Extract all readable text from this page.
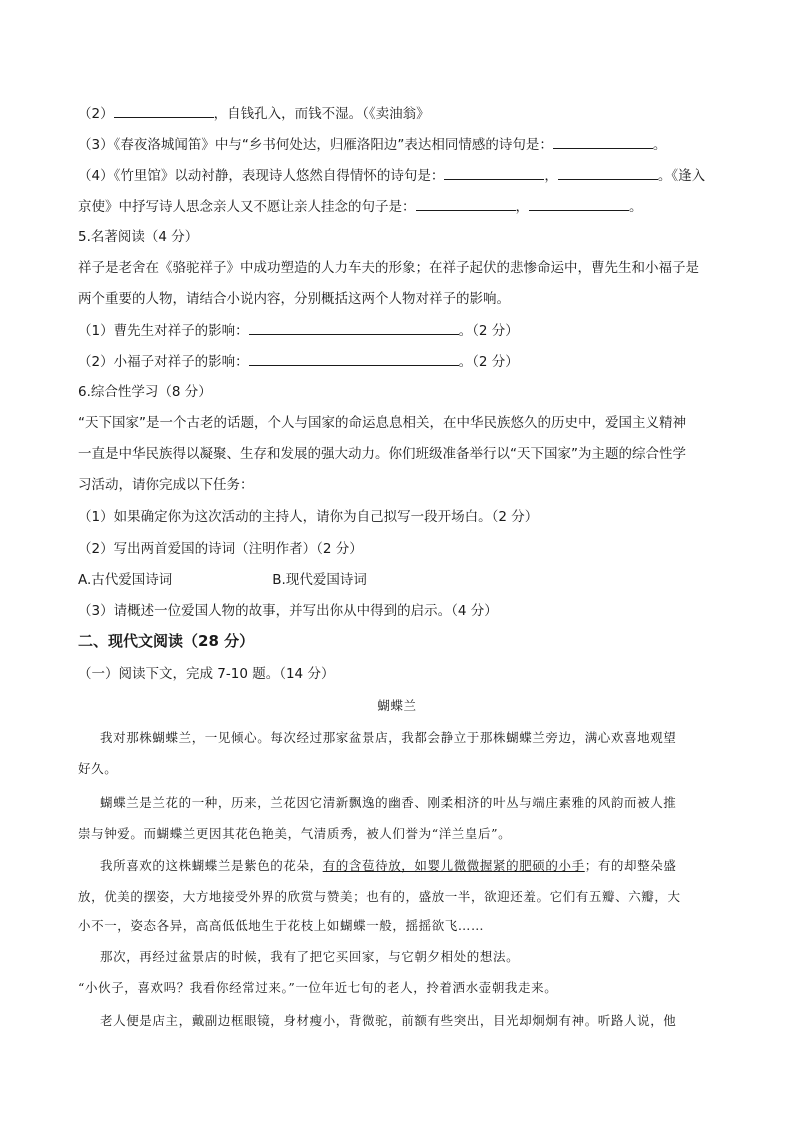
（2）	，自钱孔入，而钱不湿。（《卖油翁》
（3）《春夜洛城闻笛》中与“乡书何处达，归雁洛阳边”表达相同情感的诗句是：	。
（4）《竹里馆》以动衬静，表现诗人悠然自得情怀的诗句是：	，	。《逢入
京使》中抒写诗人思念亲人又不愿让亲人挂念的句子是：	，	。
5.名著阅读（4 分）
祥子是老舍在《骆驼祥子》中成功塑造的人力车夫的形象；在祥子起伏的悲惨命运中，曹先生和小福子是
两个重要的人物，请结合小说内容，分别概括这两个人物对祥子的影响。
（1）曹先生对祥子的影响：	。（2 分）
（2）小福子对祥子的影响：	。（2 分）
6.综合性学习（8 分）
“天下国家”是一个古老的话题，个人与国家的命运息息相关，在中华民族悠久的历史中，爱国主义精神
一直是中华民族得以凝聚、生存和发展的强大动力。你们班级准备举行以“天下国家”为主题的综合性学
习活动，请你完成以下任务：
（1）如果确定你为这次活动的主持人，请你为自己拟写一段开场白。（2 分）
（2）写出两首爱国的诗词（注明作者）（2 分）
A.古代爱国诗词	B.现代爱国诗词
（3）请概述一位爱国人物的故事，并写出你从中得到的启示。（4 分）
二、现代文阅读（28 分）
（一）阅读下文，完成 7-10 题。（14 分）
蝴蝶兰
我对那株蝴蝶兰，一见倾心。每次经过那家盆景店，我都会静立于那株蝴蝶兰旁边，满心欢喜地观望
好久。
蝴蝶兰是兰花的一种，历来，兰花因它清新飘逸的幽香、刚柔相济的叶丛与端庄素雅的风韵而被人推
崇与钟爱。而蝴蝶兰更因其花色艳美，气清质秀，被人们誉为“洋兰皇后”。
我所喜欢的这株蝴蝶兰是紫色的花朵，有的含苞待放，如婴儿微微握紧的肥硕的小手；有的却整朵盛
放，优美的摆姿，大方地接受外界的欣赏与赞美；也有的，盛放一半，欲迎还羞。它们有五瓣、六瓣，大
小不一，姿态各异，高高低低地生于花枝上如蝴蝶一般，摇摇欲飞……
那次，再经过盆景店的时候，我有了把它买回家，与它朝夕相处的想法。
“小伙子，喜欢吗？我看你经常过来。”一位年近七旬的老人，拎着洒水壶朝我走来。
老人便是店主，戴副边框眼镜，身材瘦小，背微驼，前额有些突出，目光却炯炯有神。听路人说，他
